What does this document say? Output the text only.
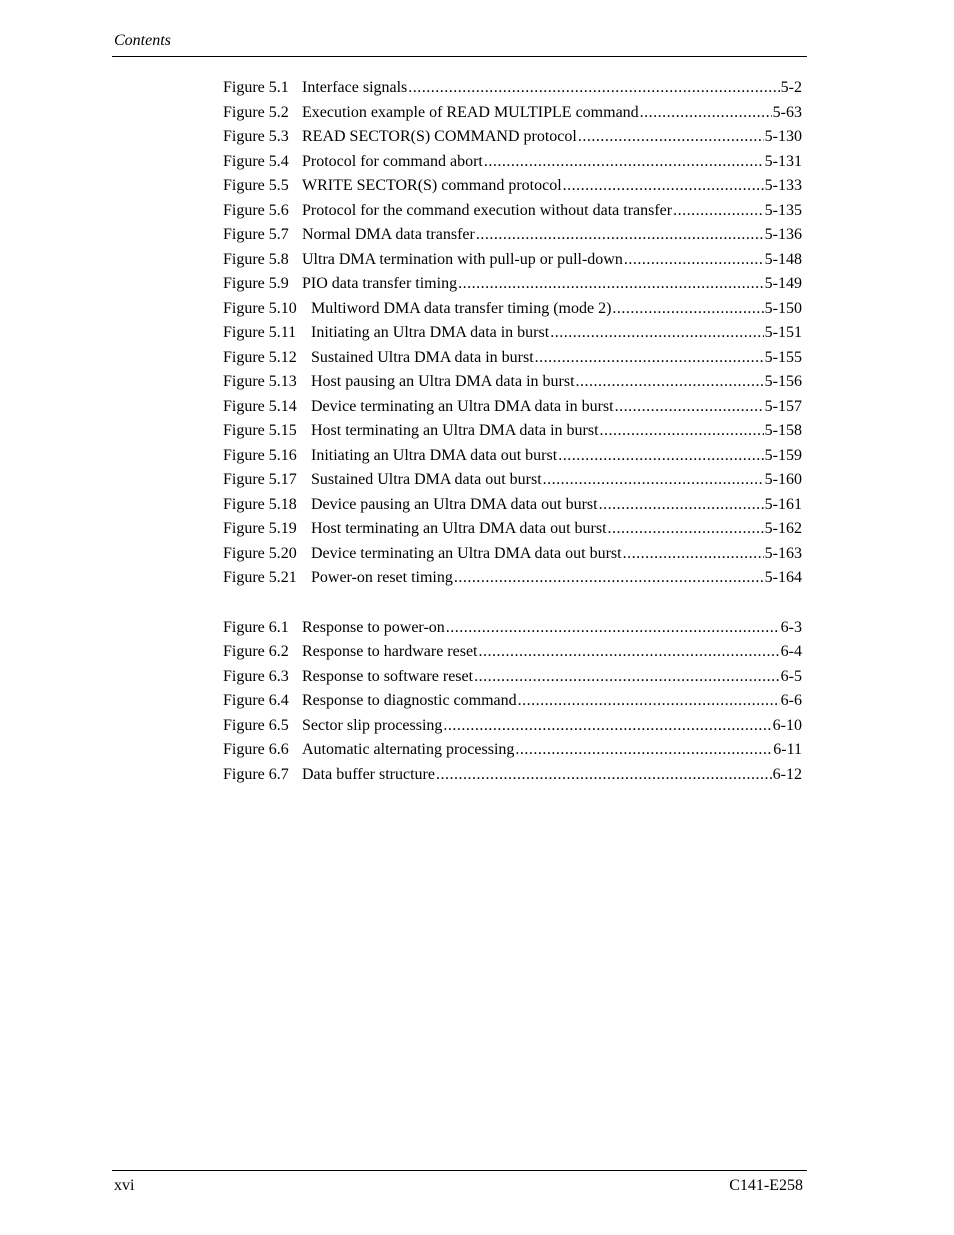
Contents
Figure 5.1 Interface signals .....	5-2
Figure 5.2 Execution example of READ MULTIPLE command .....	5-63
Figure 5.3 READ SECTOR(S) COMMAND protocol .....	5-130
Figure 5.4 Protocol for command abort .....	5-131
Figure 5.5 WRITE SECTOR(S) command protocol .....	5-133
Figure 5.6 Protocol for the command execution without data transfer .....	5-135
Figure 5.7 Normal DMA data transfer .....	5-136
Figure 5.8 Ultra DMA termination with pull-up or pull-down .....	5-148
Figure 5.9 PIO data transfer timing .....	5-149
Figure 5.10 Multiword DMA data transfer timing (mode 2) .....	5-150
Figure 5.11 Initiating an Ultra DMA data in burst .....	5-151
Figure 5.12 Sustained Ultra DMA data in burst .....	5-155
Figure 5.13 Host pausing an Ultra DMA data in burst .....	5-156
Figure 5.14 Device terminating an Ultra DMA data in burst .....	5-157
Figure 5.15 Host terminating an Ultra DMA data in burst .....	5-158
Figure 5.16 Initiating an Ultra DMA data out burst .....	5-159
Figure 5.17 Sustained Ultra DMA data out burst .....	5-160
Figure 5.18 Device pausing an Ultra DMA data out burst .....	5-161
Figure 5.19 Host terminating an Ultra DMA data out burst .....	5-162
Figure 5.20 Device terminating an Ultra DMA data out burst .....	5-163
Figure 5.21 Power-on reset timing .....	5-164
Figure 6.1 Response to power-on .....	6-3
Figure 6.2 Response to hardware reset .....	6-4
Figure 6.3 Response to software reset .....	6-5
Figure 6.4 Response to diagnostic command .....	6-6
Figure 6.5 Sector slip processing .....	6-10
Figure 6.6 Automatic alternating processing .....	6-11
Figure 6.7 Data buffer structure .....	6-12
xvi	C141-E258
